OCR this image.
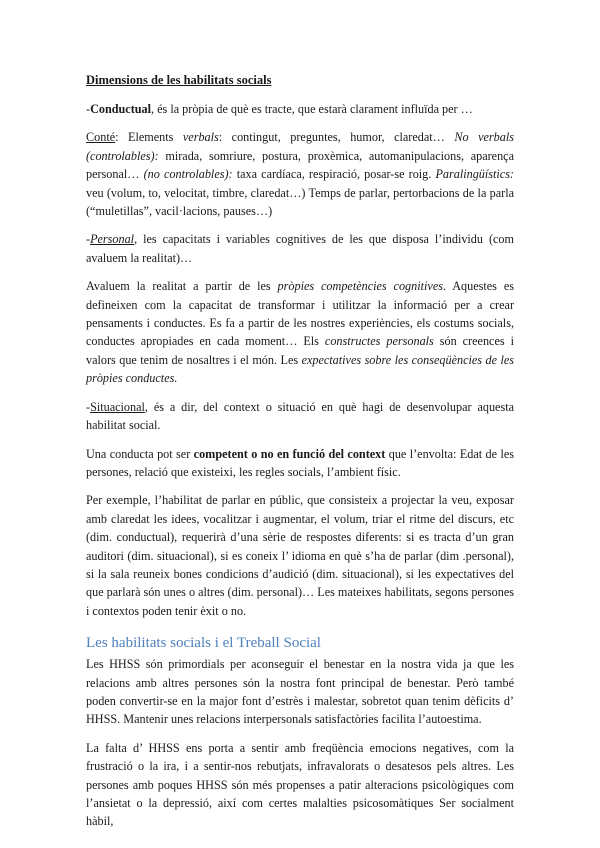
Dimensions de les habilitats socials

-Conductual, és la pròpia de què es tracte, que estarà clarament influïda per …

Conté: Elements verbals: contingut, preguntes, humor, claredat… No verbals (controlables): mirada, somriure, postura, proxèmica, automanipulacions, aparença personal… (no controlables): taxa cardíaca, respiració, posar-se roig. Paralingüístics: veu (volum, to, velocitat, timbre, claredat…) Temps de parlar, pertorbacions de la parla (“muletillas”, vacil·lacions, pauses…)

-Personal, les capacitats i variables cognitives de les que disposa l’individu (com avaluem la realitat)…

Avaluem la realitat a partir de les pròpies competències cognitives. Aquestes es defineixen com la capacitat de transformar i utilitzar la informació per a crear pensaments i conductes. Es fa a partir de les nostres experiències, els costums socials, conductes apropiades en cada moment… Els constructes personals són creences i valors que tenim de nosaltres i el món. Les expectatives sobre les conseqüències de les pròpies conductes.

-Situacional, és a dir, del context o situació en què hagi de desenvolupar aquesta habilitat social.

Una conducta pot ser competent o no en funció del context que l’envolta: Edat de les persones, relació que existeixi, les regles socials, l’ambient físic.

Per exemple, l’habilitat de parlar en públic, que consisteix a projectar la veu, exposar amb claredat les idees, vocalitzar i augmentar, el volum, triar el ritme del discurs, etc (dim. conductual), requerirà d’una sèrie de respostes diferents: si es tracta d’un gran auditori (dim. situacional), si es coneix l’ idioma en què s’ha de parlar (dim .personal), si la sala reuneix bones condicions d’audició (dim. situacional), si les expectatives del que parlarà són unes o altres (dim. personal)… Les mateixes habilitats, segons persones i contextos poden tenir èxit o no.

Les habilitats socials i el Treball Social

Les HHSS són primordials per aconseguir el benestar en la nostra vida ja que les relacions amb altres persones són la nostra font principal de benestar. Però també poden convertir-se en la major font d’estrès i malestar, sobretot quan tenim dèficits d’ HHSS. Mantenir unes relacions interpersonals satisfactòries facilita l’autoestima.

La falta d’ HHSS ens porta a sentir amb freqüència emocions negatives, com la frustració o la ira, i a sentir-nos rebutjats, infravalorats o desatesos pels altres. Les persones amb poques HHSS són més propenses a patir alteracions psicològiques com l’ansietat o la depressió, així com certes malalties psicosomàtiques Ser socialment hàbil,
